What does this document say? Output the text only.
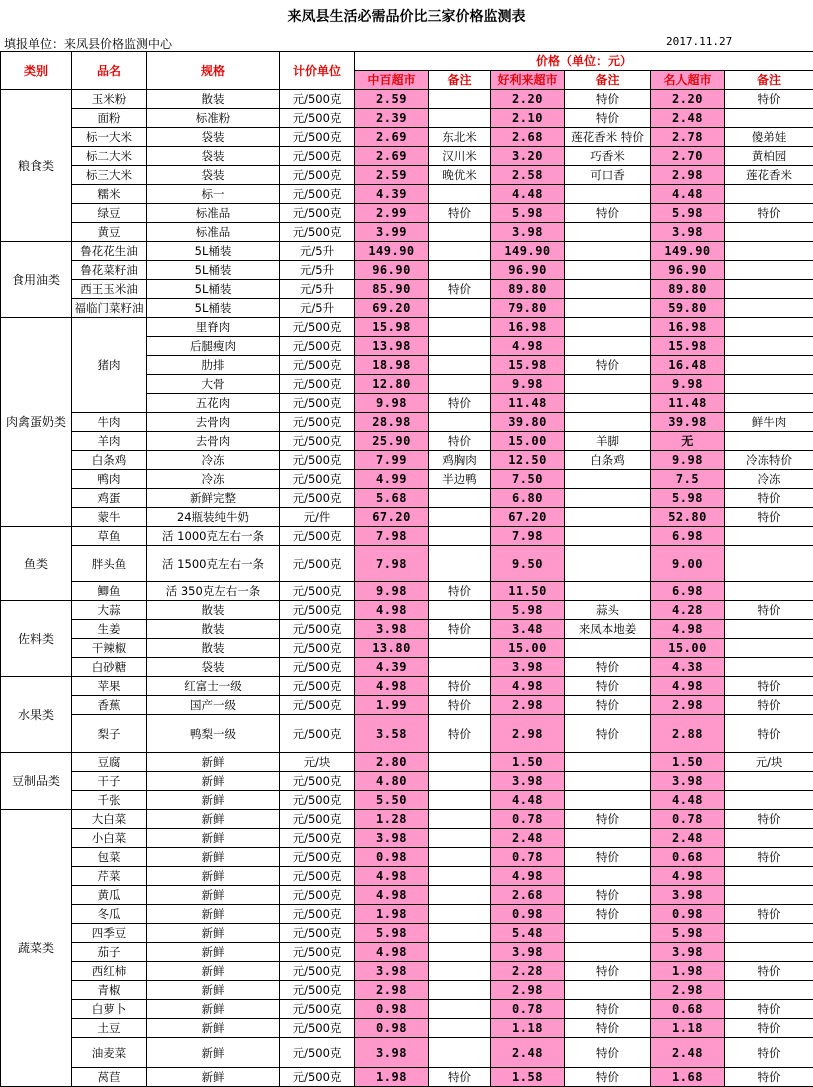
来凤县生活必需品价比三家价格监测表
填报单位：来凤县价格监测中心	2017.11.27
类别	品名	规格	计价单位	价格（单位：元）					
				中百超市	备注	好利来超市	备注	名人超市	备注
粮食类	玉米粉	散装	元/500克	2.59		2.20	特价	2.20	特价
	面粉	标准粉	元/500克	2.39		2.10	特价	2.48	
	标一大米	袋装	元/500克	2.69	东北米	2.68	莲花香米 特价	2.78	傻弟娃
	标二大米	袋装	元/500克	2.69	汉川米	3.20	巧香米	2.70	黄柏园
	标三大米	袋装	元/500克	2.59	晚优米	2.58	可口香	2.98	莲花香米
	糯米	标一	元/500克	4.39		4.48		4.48	
	绿豆	标准品	元/500克	2.99	特价	5.98	特价	5.98	特价
	黄豆	标准品	元/500克	3.99		3.98		3.98	
食用油类	鲁花花生油	5L桶装	元/5升	149.90		149.90		149.90	
	鲁花菜籽油	5L桶装	元/5升	96.90		96.90		96.90	
	西王玉米油	5L桶装	元/5升	85.90	特价	89.80		89.80	
	福临门菜籽油	5L桶装	元/5升	69.20		79.80		59.80	
肉禽蛋奶类	猪肉	里脊肉	元/500克	15.98		16.98		16.98	
		后腿瘦肉	元/500克	13.98		4.98		15.98	
		肋排	元/500克	18.98		15.98	特价	16.48	
		大骨	元/500克	12.80		9.98		9.98	
		五花肉	元/500克	9.98	特价	11.48		11.48	
	牛肉	去骨肉	元/500克	28.98		39.80		39.98	鲜牛肉
	羊肉	去骨肉	元/500克	25.90	特价	15.00	羊脚	无	
	白条鸡	冷冻	元/500克	7.99	鸡胸肉	12.50	白条鸡	9.98	冷冻特价
	鸭肉	冷冻	元/500克	4.99	半边鸭	7.50		7.5	冷冻
	鸡蛋	新鲜完整	元/500克	5.68		6.80		5.98	特价
	蒙牛	24瓶装纯牛奶	元/件	67.20		67.20		52.80	特价
鱼类	草鱼	活 1000克左右一条	元/500克	7.98		7.98		6.98	
	胖头鱼	活 1500克左右一条	元/500克	7.98		9.50		9.00	
	鲫鱼	活 350克左右一条	元/500克	9.98	特价	11.50		6.98	
佐料类	大蒜	散装	元/500克	4.98		5.98	蒜头	4.28	特价
	生姜	散装	元/500克	3.98	特价	3.48	来凤本地姜	4.98	
	干辣椒	散装	元/500克	13.80		15.00		15.00	
	白砂糖	袋装	元/500克	4.39		3.98	特价	4.38	
水果类	苹果	红富士一级	元/500克	4.98	特价	4.98	特价	4.98	特价
	香蕉	国产一级	元/500克	1.99	特价	2.98	特价	2.98	特价
	梨子	鸭梨一级	元/500克	3.58	特价	2.98	特价	2.88	特价
豆制品类	豆腐	新鲜	元/块	2.80		1.50		1.50	元/块
	干子	新鲜	元/500克	4.80		3.98		3.98	
	千张	新鲜	元/500克	5.50		4.48		4.48	
蔬菜类	大白菜	新鲜	元/500克	1.28		0.78	特价	0.78	特价
	小白菜	新鲜	元/500克	3.98		2.48		2.48	
	包菜	新鲜	元/500克	0.98		0.78	特价	0.68	特价
	芹菜	新鲜	元/500克	4.98		4.98		4.98	
	黄瓜	新鲜	元/500克	4.98		2.68	特价	3.98	
	冬瓜	新鲜	元/500克	1.98		0.98	特价	0.98	特价
	四季豆	新鲜	元/500克	5.98		5.48		5.98	
	茄子	新鲜	元/500克	4.98		3.98		3.98	
	西红柿	新鲜	元/500克	3.98		2.28	特价	1.98	特价
	青椒	新鲜	元/500克	2.98		2.98		2.98	
	白萝卜	新鲜	元/500克	0.98		0.78	特价	0.68	特价
	土豆	新鲜	元/500克	0.98		1.18	特价	1.18	特价
	油麦菜	新鲜	元/500克	3.98		2.48	特价	2.48	特价
	莴苣	新鲜	元/500克	1.98	特价	1.58	特价	1.68	特价
